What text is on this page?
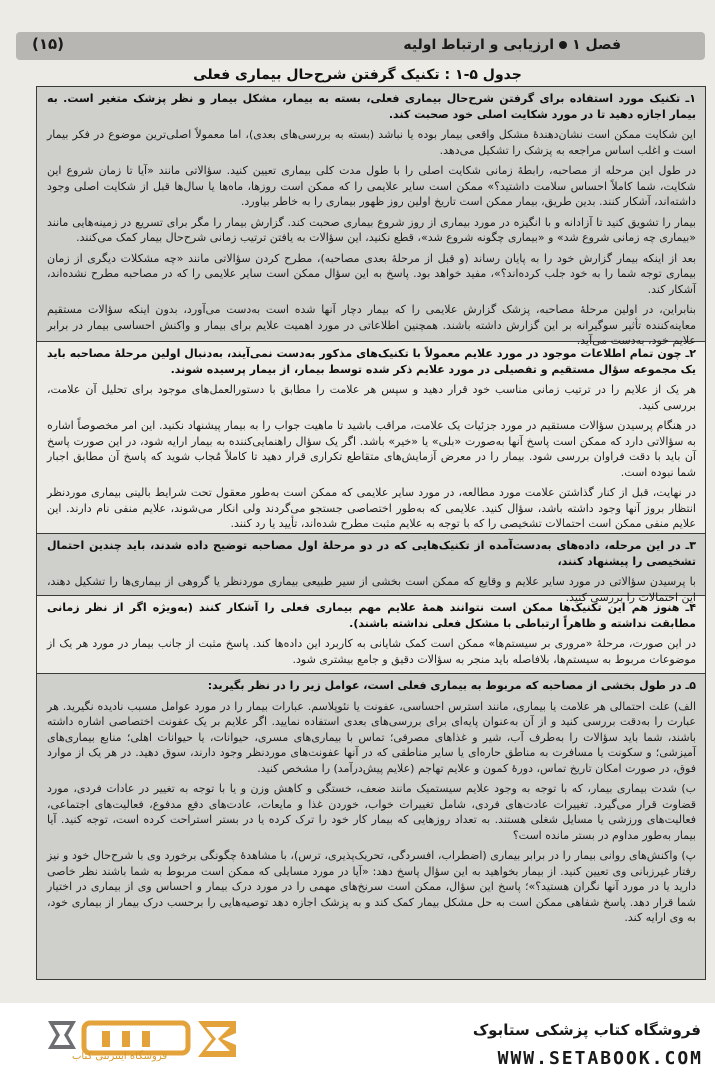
(۱۵)	فصل ۱ارزیابی و ارتباط اولیه
جدول ۵-۱ : تکنیک گرفتن شرح‌حال بیماری فعلی

۱ـ تکنیک مورد استفاده برای گرفتن شرح‌حال بیماری فعلی، بسته به بیمار، مشکل بیمار و نظر پزشک متغیر است. به بیمار اجازه دهید تا در مورد شکایت اصلی خود صحبت کند.

این شکایت ممکن است نشان‌دهندهٔ مشکل واقعی بیمار بوده یا نباشد (بسته به بررسی‌های بعدی)، اما معمولاً اصلی‌ترین موضوع در فکر بیمار است و اغلب اساس مراجعه به پزشک را تشکیل می‌دهد.

در طول این مرحله از مصاحبه، رابطهٔ زمانی شکایت اصلی را با طول مدت کلی بیماری تعیین کنید. سؤالاتی مانند «آیا تا زمان شروع این شکایت، شما کاملاً احساس سلامت داشتید؟» ممکن است سایر علایمی را که ممکن است روزها، ماه‌ها یا سال‌ها قبل از شکایت اصلی وجود داشته‌اند، آشکار کنند. بدین طریق، بیمار ممکن است تاریخ اولین روز ظهور بیماری را به خاطر بیاورد.

بیمار را تشویق کنید تا آزادانه و با انگیزه در مورد بیماری از روز شروع بیماری صحبت کند. گزارش بیمار را مگر برای تسریع در زمینه‌هایی مانند «بیماری چه زمانی شروع شد» و «بیماری چگونه شروع شد»، قطع نکنید، این سؤالات به یافتن ترتیب زمانی شرح‌حال بیمار کمک می‌کنند.

بعد از اینکه بیمار گزارش خود را به پایان رساند (و قبل از مرحلهٔ بعدی مصاحبه)، مطرح کردن سؤالاتی مانند «چه مشکلات دیگری از زمان بیماری توجه شما را به خود جلب کرده‌اند؟»، مفید خواهد بود. پاسخ به این سؤال ممکن است سایر علایمی را که در مصاحبه مطرح نشده‌اند، آشکار کند.

بنابراین، در اولین مرحلهٔ مصاحبه، پزشک گزارش علایمی را که بیمار دچار آنها شده است به‌دست می‌آورد، بدون اینکه سؤالات مستقیم معاینه‌کننده تأثیر سوگیرانه بر این گزارش داشته باشند. همچنین اطلاعاتی در مورد اهمیت علایم برای بیمار و واکنش احساسی بیمار در برابر علایم خود، به‌دست می‌آید.

۲ـ چون تمام اطلاعات موجود در مورد علایم معمولاً با تکنیک‌های مذکور به‌دست نمی‌آیند، به‌دنبال اولین مرحلهٔ مصاحبه باید یک مجموعه سؤال مستقیم و تفصیلی در مورد علایم ذکر شده توسط بیمار، از بیمار پرسیده شوند.

هر یک از علایم را در ترتیب زمانی مناسب خود قرار دهید و سپس هر علامت را مطابق با دستورالعمل‌های موجود برای تحلیل آن علامت، بررسی کنید.

در هنگام پرسیدن سؤالات مستقیم در مورد جزئیات یک علامت، مراقب باشید تا ماهیت جواب را به بیمار پیشنهاد نکنید. این امر مخصوصاً اشاره به سؤالاتی دارد که ممکن است پاسخ آنها به‌صورت «بلی» یا «خیر» باشد. اگر یک سؤال راهنمایی‌کننده به بیمار ارایه شود، در این صورت پاسخ آن باید با دقت فراوان بررسی شود. بیمار را در معرض آزمایش‌های متقاطع تکراری قرار دهید تا کاملاً مُجاب شوید که پاسخ آن مطابق اجبار شما نبوده است.

در نهایت، قبل از کنار گذاشتن علامت مورد مطالعه، در مورد سایر علایمی که ممکن است به‌طور معقول تحت شرایط بالینی بیماری موردنظر انتظار بروز آنها وجود داشته باشد، سؤال کنید. علایمی که به‌طور اختصاصی جستجو می‌گردند ولی انکار می‌شوند، علایم منفی نام دارند. این علایم منفی ممکن است احتمالات تشخیصی را که با توجه به علایم مثبت مطرح شده‌اند، تأیید یا رد کنند.

۳ـ در این مرحله، داده‌های به‌دست‌آمده از تکنیک‌هایی که در دو مرحلهٔ اول مصاحبه توضیح داده شدند، باید چندین احتمال تشخیصی را پیشنهاد کنند،

با پرسیدن سؤالاتی در مورد سایر علایم و وقایع که ممکن است بخشی از سیر طبیعی بیماری موردنظر یا گروهی از بیماری‌ها را تشکیل دهند، این احتمالات را بررسی کنید.

۴ـ هنوز هم این تکنیک‌ها ممکن است نتوانند همهٔ علایم مهم بیماری فعلی را آشکار کنند (به‌ویژه اگر از نظر زمانی مطابقت نداشته و ظاهراً ارتباطی با مشکل فعلی نداشته باشند).

در این صورت، مرحلهٔ «مروری بر سیستم‌ها» ممکن است کمک شایانی به کاربرد این داده‌ها کند. پاسخ مثبت از جانب بیمار در مورد هر یک از موضوعات مربوط به سیستم‌ها، بلافاصله باید منجر به سؤالات دقیق و جامع بیشتری شود.

۵ـ در طول بخشی از مصاحبه که مربوط به بیماری فعلی است، عوامل زیر را در نظر بگیرید:

الف) علت احتمالی هر علامت یا بیماری، مانند استرس احساسی، عفونت یا نئوپلاسم. عبارات بیمار را در مورد عوامل مسبب نادیده نگیرید. هر عبارت را به‌دقت بررسی کنید و از آن به‌عنوان پایه‌ای برای بررسی‌های بعدی استفاده نمایید. اگر علایم بر یک عفونت اختصاصی اشاره داشته باشند، شما باید سؤالات را به‌طرف آب، شیر و غذاهای مصرفی؛ تماس با بیماری‌های مسری، حیوانات، یا حیوانات اهلی؛ منابع بیماری‌های آمیزشی؛ و سکونت یا مسافرت به مناطق حاره‌ای یا سایر مناطقی که در آنها عفونت‌های موردنظر وجود دارند، سوق دهید. در هر یک از موارد فوق، در صورت امکان تاریخ تماس، دورهٔ کمون و علایم تهاجم (علایم پیش‌درآمد) را مشخص کنید.

ب) شدت بیماری بیمار، که با توجه به وجود علایم سیستمیک مانند ضعف، خستگی و کاهش وزن و یا با توجه به تغییر در عادات فردی، مورد قضاوت قرار می‌گیرد. تغییرات عادت‌های فردی، شامل تغییرات خواب، خوردن غذا و مایعات، عادت‌های دفع مدفوع، فعالیت‌های اجتماعی، فعالیت‌های ورزشی یا مسایل شغلی هستند. به تعداد روزهایی که بیمار کار خود را ترک کرده یا در بستر استراحت کرده است، توجه کنید. آیا بیمار به‌طور مداوم در بستر مانده است؟

پ) واکنش‌های روانی بیمار را در برابر بیماری (اضطراب، افسردگی، تحریک‌پذیری، ترس)، با مشاهدهٔ چگونگی برخورد وی با شرح‌حال خود و نیز رفتار غیرزبانی وی تعیین کنید. از بیمار بخواهید به این سؤال پاسخ دهد: «آیا در مورد مسایلی که ممکن است مربوط به شما باشند نظر خاصی دارید یا در مورد آنها نگران هستید؟»؛ پاسخ این سؤال، ممکن است سرنخ‌های مهمی را در مورد درک بیمار و احساس وی از بیماری در اختیار شما قرار دهد. پاسخ شفاهی ممکن است به حل مشکل بیمار کمک کند و به پزشک اجازه دهد توصیه‌هایی را برحسب درک بیمار از بیماری خود، به وی ارایه کند.

ستابوک
فروشگاه اینترنتی کتاب
فروشگاه کتاب پزشکی ستابوک
WWW.SETABOOK.COM
